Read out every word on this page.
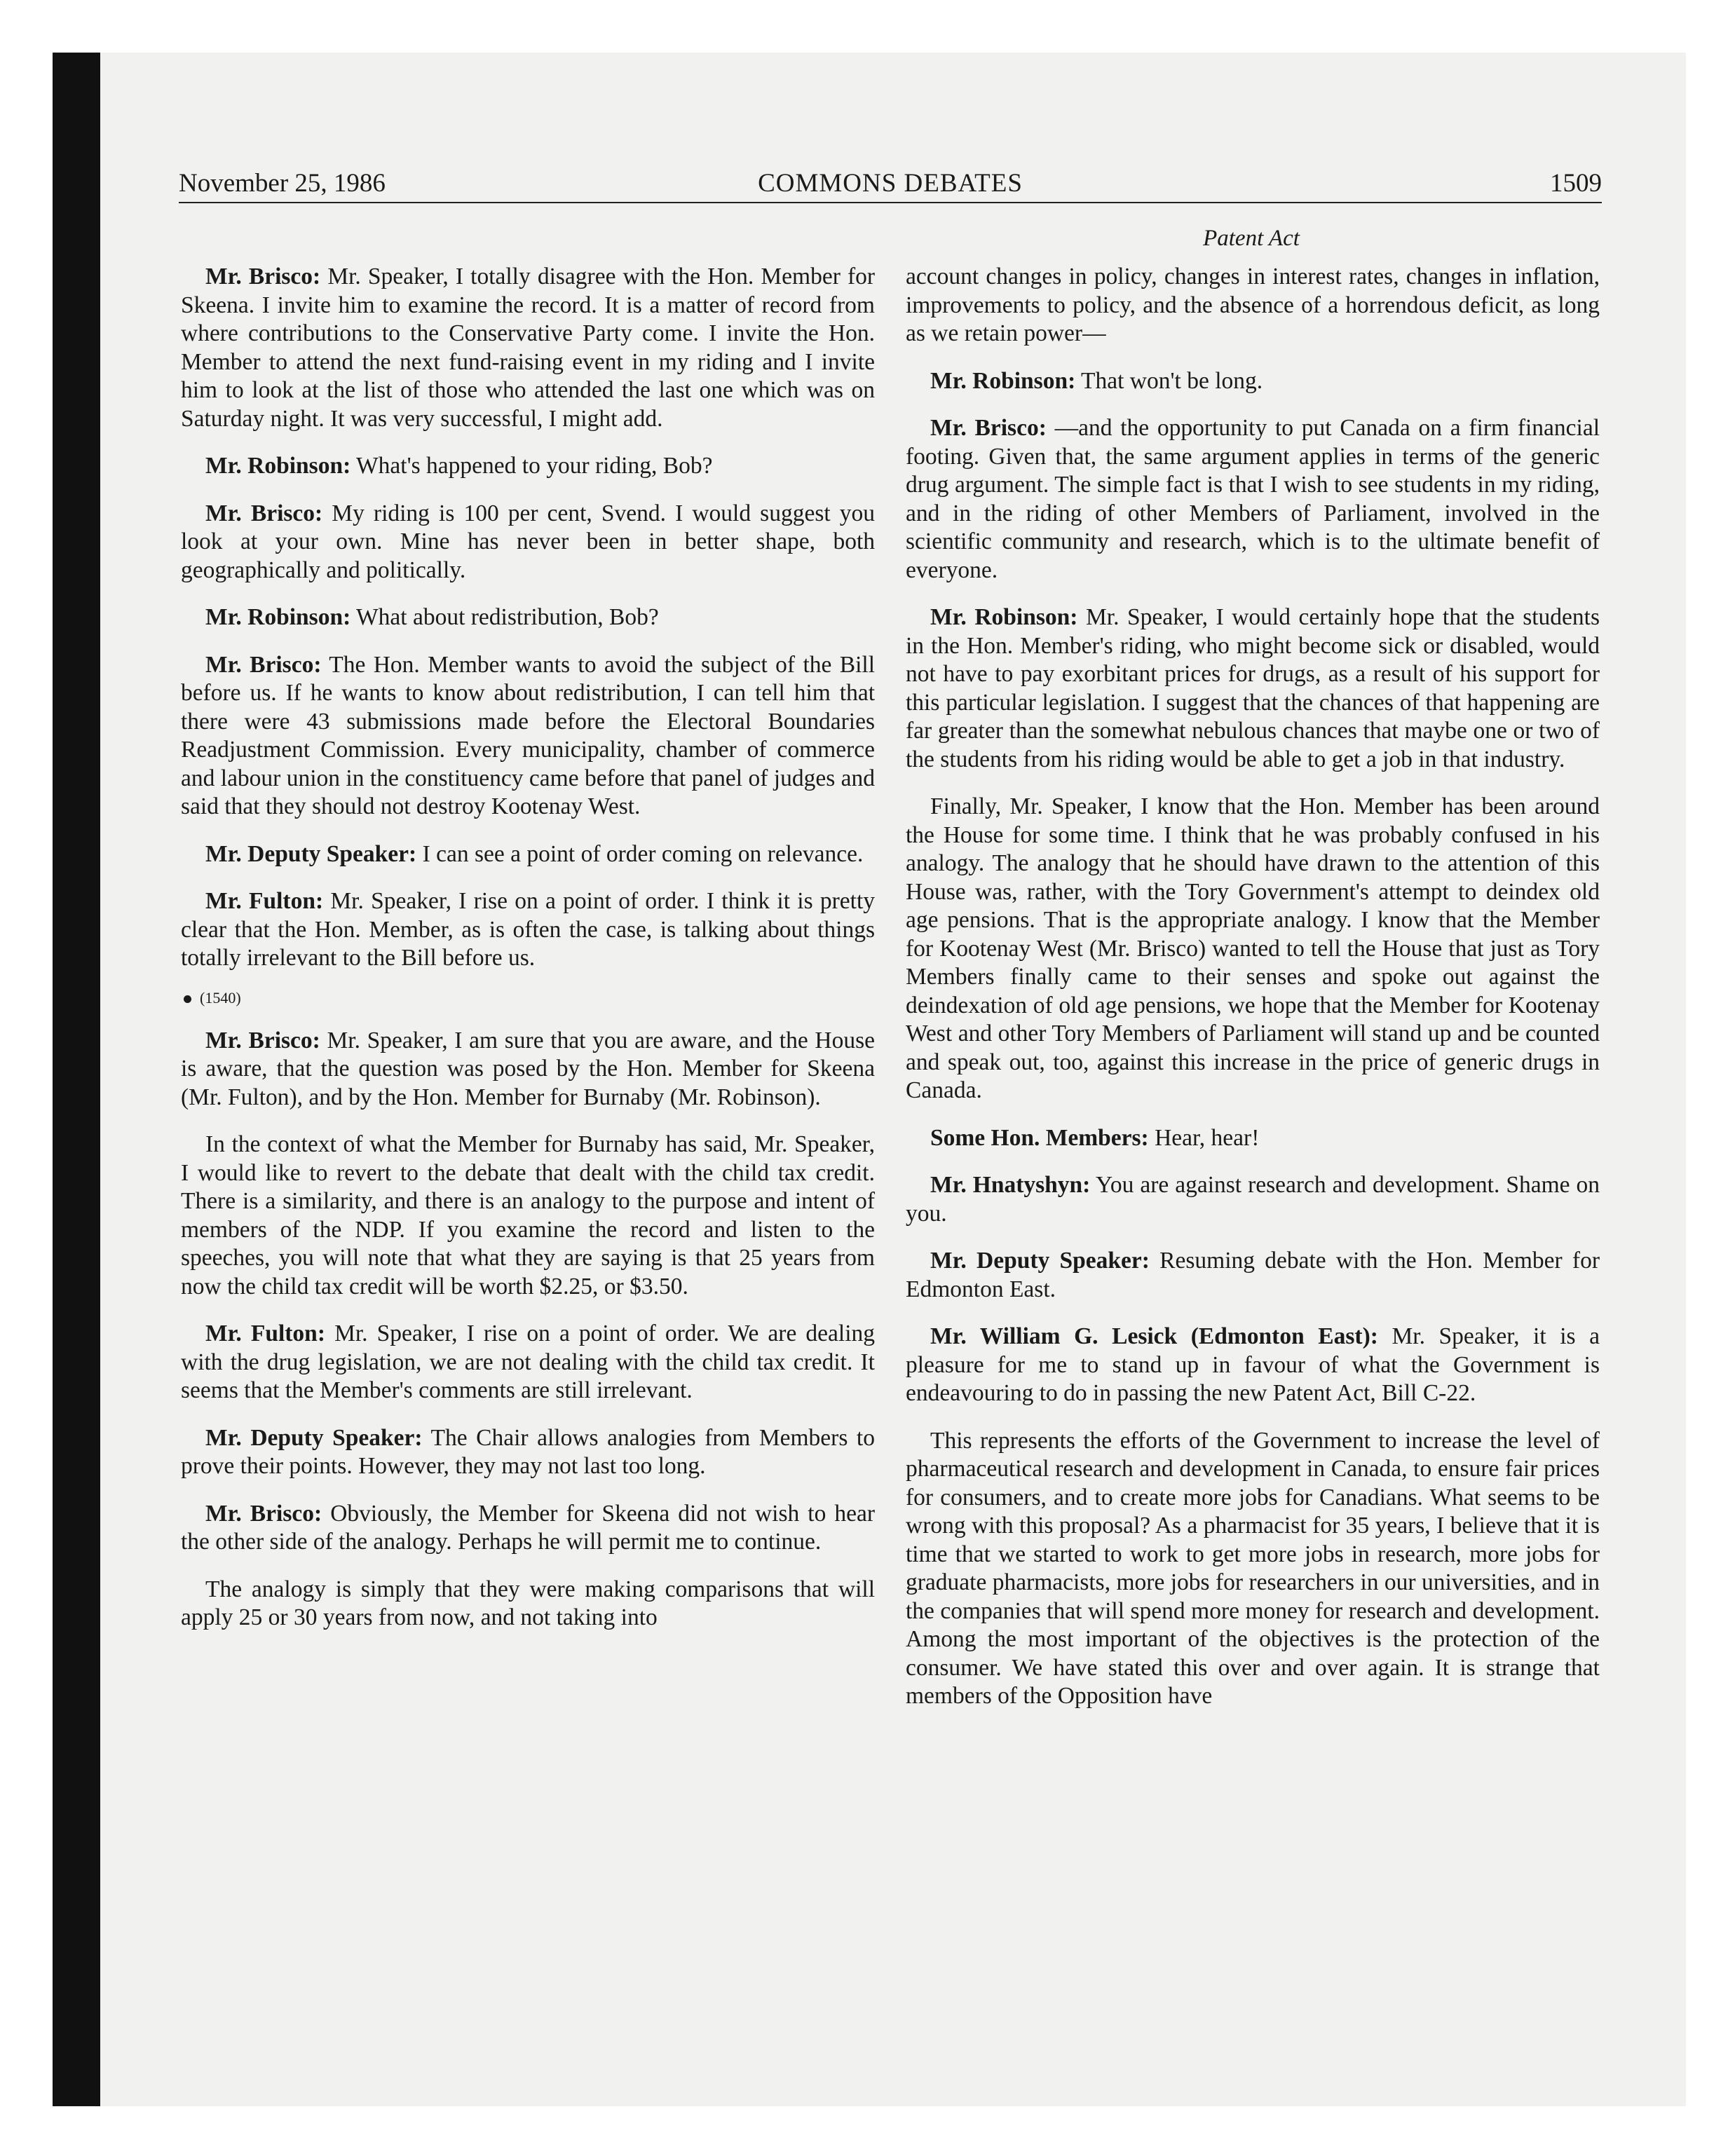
November 25, 1986	COMMONS DEBATES	1509
Patent Act

Mr. Brisco: Mr. Speaker, I totally disagree with the Hon. Member for Skeena. I invite him to examine the record. It is a matter of record from where contributions to the Conservative Party come. I invite the Hon. Member to attend the next fund-raising event in my riding and I invite him to look at the list of those who attended the last one which was on Saturday night. It was very successful, I might add.

Mr. Robinson: What's happened to your riding, Bob?

Mr. Brisco: My riding is 100 per cent, Svend. I would suggest you look at your own. Mine has never been in better shape, both geographically and politically.

Mr. Robinson: What about redistribution, Bob?

Mr. Brisco: The Hon. Member wants to avoid the subject of the Bill before us. If he wants to know about redistribution, I can tell him that there were 43 submissions made before the Electoral Boundaries Readjustment Commission. Every municipality, chamber of commerce and labour union in the constituency came before that panel of judges and said that they should not destroy Kootenay West.

Mr. Deputy Speaker: I can see a point of order coming on relevance.

Mr. Fulton: Mr. Speaker, I rise on a point of order. I think it is pretty clear that the Hon. Member, as is often the case, is talking about things totally irrelevant to the Bill before us.

(1540)

Mr. Brisco: Mr. Speaker, I am sure that you are aware, and the House is aware, that the question was posed by the Hon. Member for Skeena (Mr. Fulton), and by the Hon. Member for Burnaby (Mr. Robinson).

In the context of what the Member for Burnaby has said, Mr. Speaker, I would like to revert to the debate that dealt with the child tax credit. There is a similarity, and there is an analogy to the purpose and intent of members of the NDP. If you examine the record and listen to the speeches, you will note that what they are saying is that 25 years from now the child tax credit will be worth $2.25, or $3.50.

Mr. Fulton: Mr. Speaker, I rise on a point of order. We are dealing with the drug legislation, we are not dealing with the child tax credit. It seems that the Member's comments are still irrelevant.

Mr. Deputy Speaker: The Chair allows analogies from Members to prove their points. However, they may not last too long.

Mr. Brisco: Obviously, the Member for Skeena did not wish to hear the other side of the analogy. Perhaps he will permit me to continue.

The analogy is simply that they were making comparisons that will apply 25 or 30 years from now, and not taking into

account changes in policy, changes in interest rates, changes in inflation, improvements to policy, and the absence of a horrendous deficit, as long as we retain power—

Mr. Robinson: That won't be long.

Mr. Brisco: —and the opportunity to put Canada on a firm financial footing. Given that, the same argument applies in terms of the generic drug argument. The simple fact is that I wish to see students in my riding, and in the riding of other Members of Parliament, involved in the scientific community and research, which is to the ultimate benefit of everyone.

Mr. Robinson: Mr. Speaker, I would certainly hope that the students in the Hon. Member's riding, who might become sick or disabled, would not have to pay exorbitant prices for drugs, as a result of his support for this particular legislation. I suggest that the chances of that happening are far greater than the somewhat nebulous chances that maybe one or two of the students from his riding would be able to get a job in that industry.

Finally, Mr. Speaker, I know that the Hon. Member has been around the House for some time. I think that he was probably confused in his analogy. The analogy that he should have drawn to the attention of this House was, rather, with the Tory Government's attempt to deindex old age pensions. That is the appropriate analogy. I know that the Member for Kootenay West (Mr. Brisco) wanted to tell the House that just as Tory Members finally came to their senses and spoke out against the deindexation of old age pensions, we hope that the Member for Kootenay West and other Tory Members of Parliament will stand up and be counted and speak out, too, against this increase in the price of generic drugs in Canada.

Some Hon. Members: Hear, hear!

Mr. Hnatyshyn: You are against research and development. Shame on you.

Mr. Deputy Speaker: Resuming debate with the Hon. Member for Edmonton East.

Mr. William G. Lesick (Edmonton East): Mr. Speaker, it is a pleasure for me to stand up in favour of what the Government is endeavouring to do in passing the new Patent Act, Bill C-22.

This represents the efforts of the Government to increase the level of pharmaceutical research and development in Canada, to ensure fair prices for consumers, and to create more jobs for Canadians. What seems to be wrong with this proposal? As a pharmacist for 35 years, I believe that it is time that we started to work to get more jobs in research, more jobs for graduate pharmacists, more jobs for researchers in our universities, and in the companies that will spend more money for research and development. Among the most important of the objectives is the protection of the consumer. We have stated this over and over again. It is strange that members of the Opposition have
